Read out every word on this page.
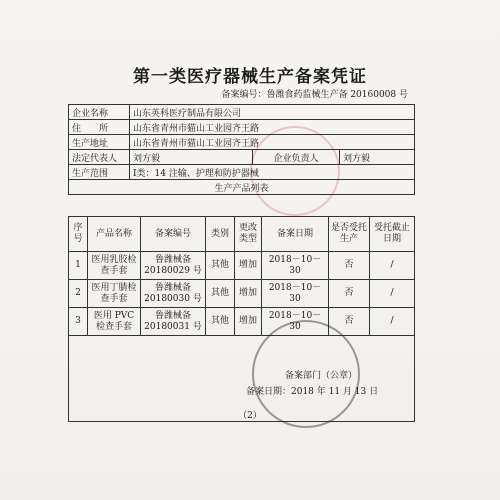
第一类医疗器械生产备案凭证
备案编号：鲁潍食药监械生产备 20160008 号
企业名称	山东英科医疗制品有限公司		
住　　所	山东省青州市猫山工业园齐王路		
生产地址	山东省青州市猫山工业园齐王路		
法定代表人	刘方毅	企业负责人	刘方毅
生产范围	Ⅰ类：14 注输、护理和防护器械		
生产产品列表			
序号	产品名称	备案编号	类别	更改类型	备案日期	是否受托生产	受托截止日期
1	医用乳胶检查手套	鲁潍械备20180029 号	其他	增加	2018－10－30	否	/
2	医用丁腈检查手套	鲁潍械备20180030 号	其他	增加	2018－10－30	否	/
3	医用 PVC 检查手套	鲁潍械备20180031 号	其他	增加	2018－10－30	否	/
备案部门（公章）
备案日期：2018 年 11 月 13 日
（2）
